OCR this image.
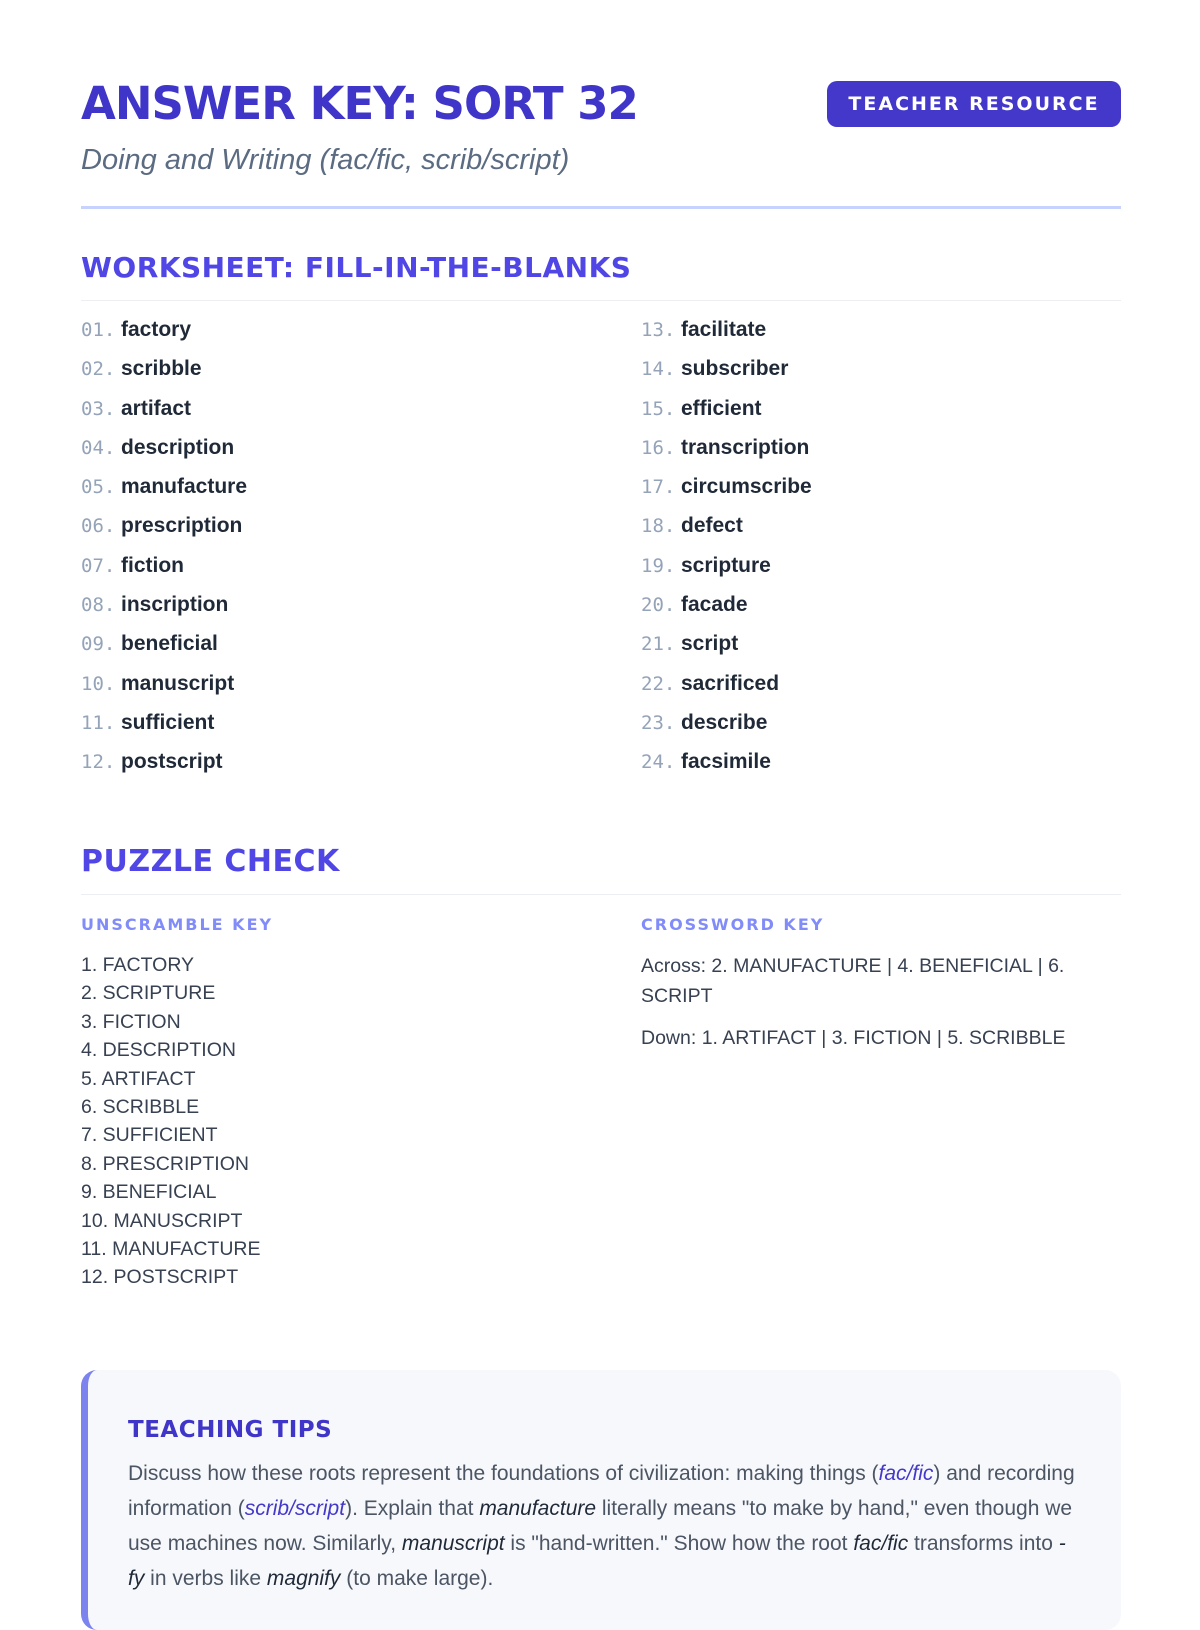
ANSWER KEY: SORT 32

Doing and Writing (fac/fic, scrib/script)

TEACHER RESOURCE
WORKSHEET: FILL-IN-THE-BLANKS
01. factory
02. scribble
03. artifact
04. description
05. manufacture
06. prescription
07. fiction
08. inscription
09. beneficial
10. manuscript
11. sufficient
12. postscript
13. facilitate
14. subscriber
15. efficient
16. transcription
17. circumscribe
18. defect
19. scripture
20. facade
21. script
22. sacrificed
23. describe
24. facsimile
PUZZLE CHECK
UNSCRAMBLE KEY
1. FACTORY
2. SCRIPTURE
3. FICTION
4. DESCRIPTION
5. ARTIFACT
6. SCRIBBLE
7. SUFFICIENT
8. PRESCRIPTION
9. BENEFICIAL
10. MANUSCRIPT
11. MANUFACTURE
12. POSTSCRIPT
CROSSWORD KEY

Across: 2. MANUFACTURE | 4. BENEFICIAL | 6. SCRIPT

Down: 1. ARTIFACT | 3. FICTION | 5. SCRIBBLE

TEACHING TIPS

Discuss how these roots represent the foundations of civilization: making things (fac/fic) and recording information (scrib/script). Explain that manufacture literally means "to make by hand," even though we use machines now. Similarly, manuscript is "hand-written." Show how the root fac/fic transforms into -fy in verbs like magnify (to make large).
